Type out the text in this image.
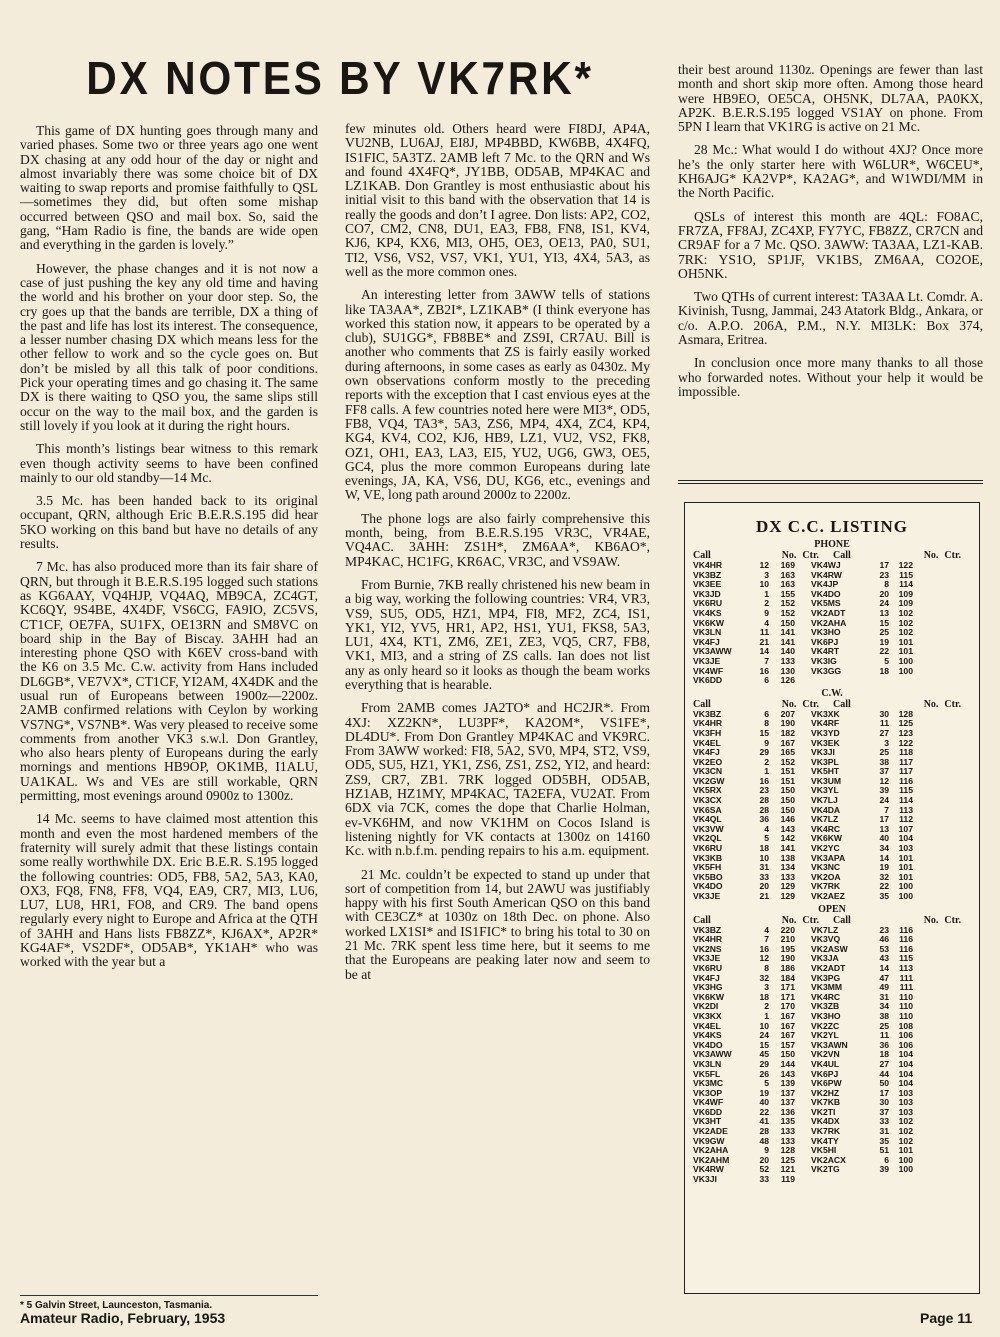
DX NOTES BY VK7RK*

This game of DX hunting goes through many and varied phases. Some two or three years ago one went DX chasing at any odd hour of the day or night and almost invariably there was some choice bit of DX waiting to swap reports and promise faithfully to QSL —sometimes they did, but often some mishap occurred between QSO and mail box. So, said the gang, “Ham Radio is fine, the bands are wide open and everything in the garden is lovely.”

However, the phase changes and it is not now a case of just pushing the key any old time and having the world and his brother on your door step. So, the cry goes up that the bands are terrible, DX a thing of the past and life has lost its interest. The consequence, a lesser number chasing DX which means less for the other fellow to work and so the cycle goes on. But don’t be misled by all this talk of poor conditions. Pick your operating times and go chasing it. The same DX is there waiting to QSO you, the same slips still occur on the way to the mail box, and the garden is still lovely if you look at it during the right hours.

This month’s listings bear witness to this remark even though activity seems to have been confined mainly to our old standby—14 Mc.

3.5 Mc. has been handed back to its original occupant, QRN, although Eric B.E.R.S.195 did hear 5KO working on this band but have no details of any results.

7 Mc. has also produced more than its fair share of QRN, but through it B.E.R.S.195 logged such stations as KG6AAY, VQ4HJP, VQ4AQ, MB9CA, ZC4GT, KC6QY, 9S4BE, 4X4DF, VS6CG, FA9IO, ZC5VS, CT1CF, OE7FA, SU1FX, OE13RN and SM8VC on board ship in the Bay of Biscay. 3AHH had an interesting phone QSO with K6EV cross-band with the K6 on 3.5 Mc. C.w. activity from Hans included DL6GB*, VE7VX*, CT1CF, YI2AM, 4X4DK and the usual run of Europeans between 1900z—2200z. 2AMB confirmed relations with Ceylon by working VS7NG*, VS7NB*. Was very pleased to receive some comments from another VK3 s.w.l. Don Grantley, who also hears plenty of Europeans during the early mornings and mentions HB9OP, OK1MB, I1ALU, UA1KAL. Ws and VEs are still workable, QRN permitting, most evenings around 0900z to 1300z.

14 Mc. seems to have claimed most attention this month and even the most hardened members of the fraternity will surely admit that these listings contain some really worthwhile DX. Eric B.E.R. S.195 logged the following countries: OD5, FB8, 5A2, 5A3, KA0, OX3, FQ8, FN8, FF8, VQ4, EA9, CR7, MI3, LU6, LU7, LU8, HR1, FO8, and CR9. The band opens regularly every night to Europe and Africa at the QTH of 3AHH and Hans lists FB8ZZ*, KJ6AX*, AP2R* KG4AF*, VS2DF*, OD5AB*, YK1AH* who was worked with the year but a

few minutes old. Others heard were FI8DJ, AP4A, VU2NB, LU6AJ, EI8J, MP4BBD, KW6BB, 4X4FQ, IS1FIC, 5A3TZ. 2AMB left 7 Mc. to the QRN and Ws and found 4X4FQ*, JY1BB, OD5AB, MP4KAC and LZ1KAB. Don Grantley is most enthusiastic about his initial visit to this band with the observation that 14 is really the goods and don’t I agree. Don lists: AP2, CO2, CO7, CM2, CN8, DU1, EA3, FB8, FN8, IS1, KV4, KJ6, KP4, KX6, MI3, OH5, OE3, OE13, PA0, SU1, TI2, VS6, VS2, VS7, VK1, YU1, YI3, 4X4, 5A3, as well as the more common ones.

An interesting letter from 3AWW tells of stations like TA3AA*, ZB2I*, LZ1KAB* (I think everyone has worked this station now, it appears to be operated by a club), SU1GG*, FB8BE* and ZS9I, CR7AU. Bill is another who comments that ZS is fairly easily worked during afternoons, in some cases as early as 0430z. My own observations conform mostly to the preceding reports with the exception that I cast envious eyes at the FF8 calls. A few countries noted here were MI3*, OD5, FB8, VQ4, TA3*, 5A3, ZS6, MP4, 4X4, ZC4, KP4, KG4, KV4, CO2, KJ6, HB9, LZ1, VU2, VS2, FK8, OZ1, OH1, EA3, LA3, EI5, YU2, UG6, GW3, OE5, GC4, plus the more common Europeans during late evenings, JA, KA, VS6, DU, KG6, etc., evenings and W, VE, long path around 2000z to 2200z.

The phone logs are also fairly comprehensive this month, being, from B.E.R.S.195 VR3C, VR4AE, VQ4AC. 3AHH: ZS1H*, ZM6AA*, KB6AO*, MP4KAC, HC1FG, KR6AC, VR3C, and VS9AW.

From Burnie, 7KB really christened his new beam in a big way, working the following countries: VR4, VR3, VS9, SU5, OD5, HZ1, MP4, FI8, MF2, ZC4, IS1, YK1, YI2, YV5, HR1, AP2, HS1, YU1, FKS8, 5A3, LU1, 4X4, KT1, ZM6, ZE1, ZE3, VQ5, CR7, FB8, VK1, MI3, and a string of ZS calls. Ian does not list any as only heard so it looks as though the beam works everything that is hearable.

From 2AMB comes JA2TO* and HC2JR*. From 4XJ: XZ2KN*, LU3PF*, KA2OM*, VS1FE*, DL4DU*. From Don Grantley MP4KAC and VK9RC. From 3AWW worked: FI8, 5A2, SV0, MP4, ST2, VS9, OD5, SU5, HZ1, YK1, ZS6, ZS1, ZS2, YI2, and heard: ZS9, CR7, ZB1. 7RK logged OD5BH, OD5AB, HZ1AB, HZ1MY, MP4KAC, TA2EFA, VU2AT. From 6DX via 7CK, comes the dope that Charlie Holman, ev-VK6HM, and now VK1HM on Cocos Island is listening nightly for VK contacts at 1300z on 14160 Kc. with n.b.f.m. pending repairs to his a.m. equipment.

21 Mc. couldn’t be expected to stand up under that sort of competition from 14, but 2AWU was justifiably happy with his first South American QSO on this band with CE3CZ* at 1030z on 18th Dec. on phone. Also worked LX1SI* and IS1FIC* to bring his total to 30 on 21 Mc. 7RK spent less time here, but it seems to me that the Europeans are peaking later now and seem to be at

their best around 1130z. Openings are fewer than last month and short skip more often. Among those heard were HB9EO, OE5CA, OH5NK, DL7AA, PA0KX, AP2K. B.E.R.S.195 logged VS1AY on phone. From 5PN I learn that VK1RG is active on 21 Mc.

28 Mc.: What would I do without 4XJ? Once more he’s the only starter here with W6LUR*, W6CEU*, KH6AJG* KA2VP*, KA2AG*, and W1WDI/MM in the North Pacific.

QSLs of interest this month are 4QL: FO8AC, FR7ZA, FF8AJ, ZC4XP, FY7YC, FB8ZZ, CR7CN and CR9AF for a 7 Mc. QSO. 3AWW: TA3AA, LZ1-KAB. 7RK: YS1O, SP1JF, VK1BS, ZM6AA, CO2OE, OH5NK.

Two QTHs of current interest: TA3AA Lt. Comdr. A. Kivinish, Tusng, Jammai, 243 Atatork Bldg., Ankara, or c/o. A.P.O. 206A, P.M., N.Y. MI3LK: Box 374, Asmara, Eritrea.

In conclusion once more many thanks to all those who forwarded notes. Without your help it would be impossible.

DX C.C. LISTING
PHONE
Call	No. Ctr.	Call	No. Ctr.
VK4HR	12	169	VK4WJ	17	122
VK3BZ	3	163	VK4RW	23	115
VK3EE	10	163	VK4JP	8	114
VK3JD	1	155	VK4DO	20	109
VK6RU	2	152	VK5MS	24	109
VK4KS	9	152	VK2ADT	13	102
VK6KW	4	150	VK2AHA	15	102
VK3LN	11	141	VK3HO	25	102
VK4FJ	21	141	VK6PJ	19	101
VK3AWW	14	140	VK4RT	22	101
VK3JE	7	133	VK3IG	5	100
VK4WF	16	130	VK3GG	18	100
VK6DD	6	126
C.W.
Call	No. Ctr.	Call	No. Ctr.
VK3BZ	6	207	VK3XK	30	128
VK4HR	8	190	VK4RF	11	125
VK3FH	15	182	VK3YD	27	123
VK4EL	9	167	VK3EK	3	122
VK4FJ	29	165	VK3JI	25	118
VK2EO	2	152	VK3PL	38	117
VK3CN	1	151	VK5HT	37	117
VK2GW	16	151	VK3UM	12	116
VK5RX	23	150	VK3YL	39	115
VK3CX	28	150	VK7LJ	24	114
VK6SA	28	150	VK4DA	7	113
VK4QL	36	146	VK7LZ	17	112
VK3VW	4	143	VK4RC	13	107
VK2QL	5	142	VK6KW	40	104
VK6RU	18	141	VK2YC	34	103
VK3KB	10	138	VK3APA	14	101
VK5FH	31	134	VK3NC	19	101
VK5BO	33	133	VK2OA	32	101
VK4DO	20	129	VK7RK	22	100
VK3JE	21	129	VK2AEZ	35	100
OPEN
Call	No. Ctr.	Call	No. Ctr.
VK3BZ	4	220	VK7LZ	23	116
VK4HR	7	210	VK3VQ	46	116
VK2NS	16	195	VK2ASW	53	116
VK3JE	12	190	VK3JA	43	115
VK6RU	8	186	VK2ADT	14	113
VK4FJ	32	184	VK3PG	47	111
VK3HG	3	171	VK3MM	49	111
VK6KW	18	171	VK4RC	31	110
VK2DI	2	170	VK3ZB	34	110
VK3KX	1	167	VK3HO	38	110
VK4EL	10	167	VK2ZC	25	108
VK4KS	24	167	VK2YL	11	106
VK4DO	15	157	VK3AWN	36	106
VK3AWW	45	150	VK2VN	18	104
VK3LN	29	144	VK4UL	27	104
VK5FL	26	143	VK6PJ	44	104
VK3MC	5	139	VK6PW	50	104
VK3OP	19	137	VK2HZ	17	103
VK4WF	40	137	VK7KB	30	103
VK6DD	22	136	VK2TI	37	103
VK3HT	41	135	VK4DX	33	102
VK2ADE	28	133	VK7RK	31	102
VK9GW	48	133	VK4TY	35	102
VK2AHA	9	128	VK5HI	51	101
VK2AHM	20	125	VK2ACX	6	100
VK4RW	52	121	VK2TG	39	100
VK3JI	33	119
* 5 Galvin Street, Launceston, Tasmania.
Amateur Radio, February, 1953	Page 11
